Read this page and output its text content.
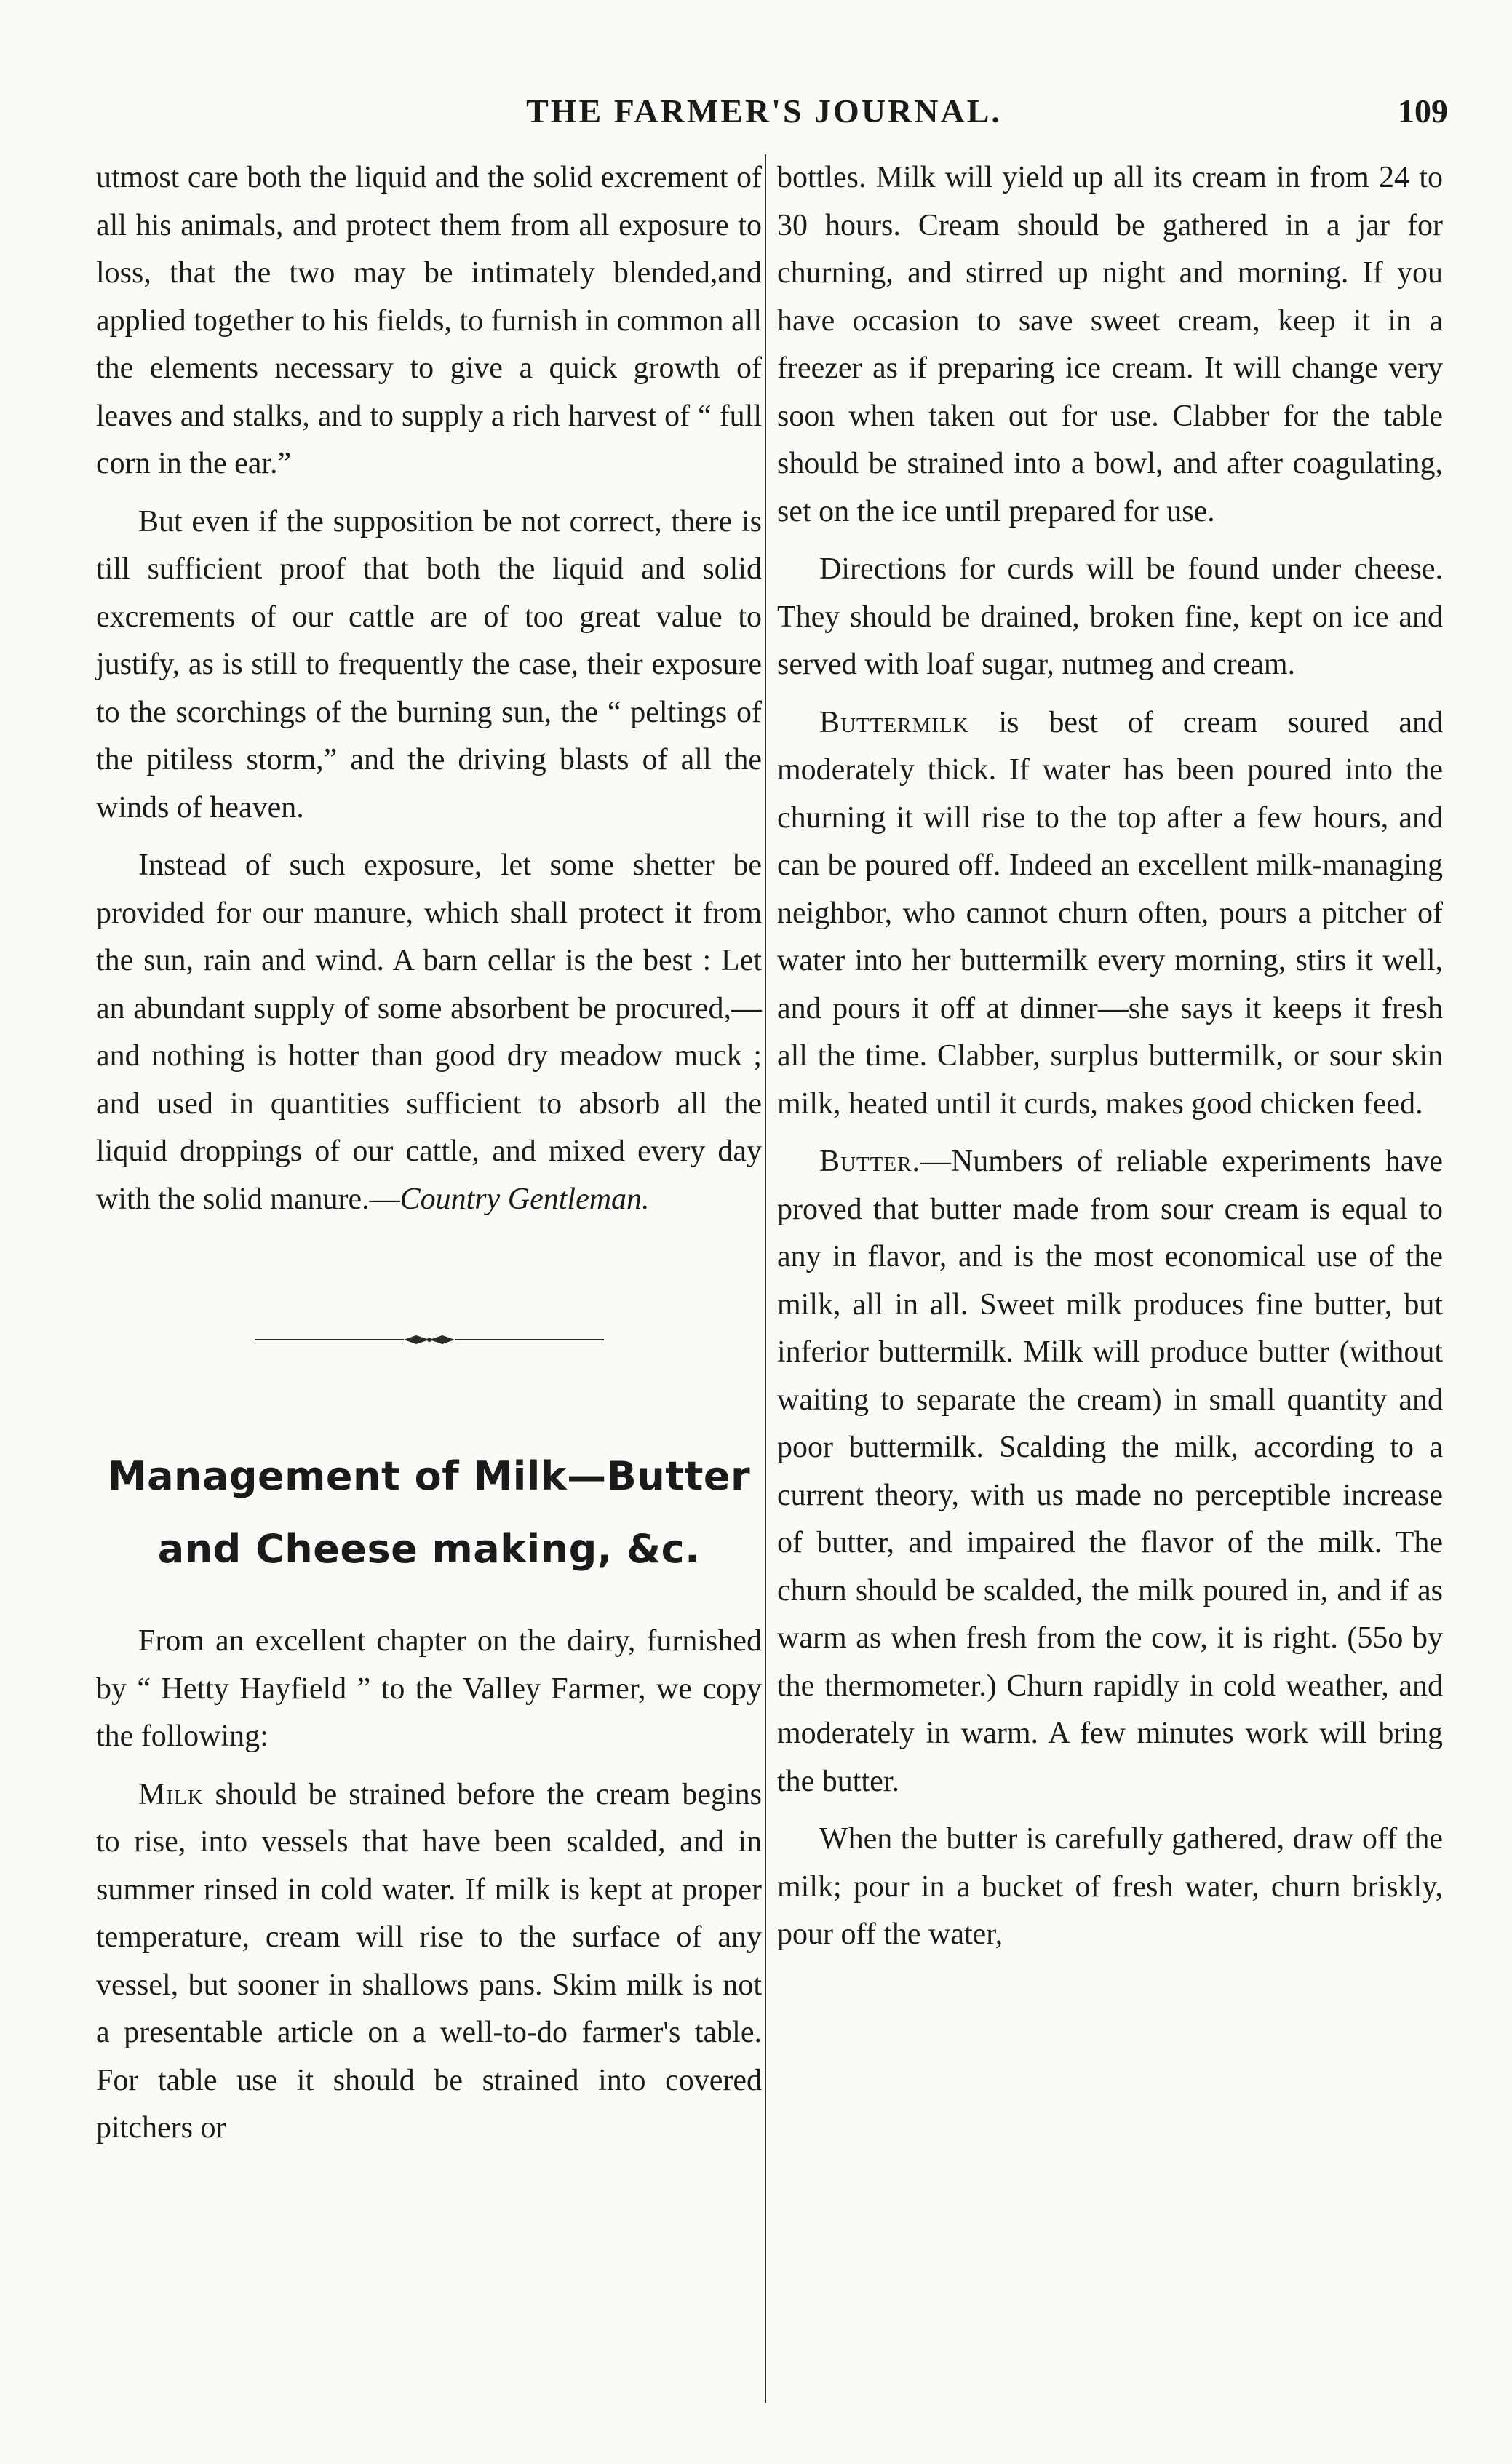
THE FARMER'S JOURNAL.	109

utmost care both the liquid and the solid excrement of all his animals, and protect them from all exposure to loss, that the two may be intimately blended,and applied together to his fields, to furnish in common all the elements necessary to give a quick growth of leaves and stalks, and to supply a rich harvest of “ full corn in the ear.”

But even if the supposition be not correct, there is till sufficient proof that both the liquid and solid excrements of our cattle are of too great value to justify, as is still to frequently the case, their exposure to the scorchings of the burning sun, the “ peltings of the pitiless storm,” and the driving blasts of all the winds of heaven.

Instead of such exposure, let some shetter be provided for our manure, which shall protect it from the sun, rain and wind. A barn cellar is the best : Let an abundant supply of some absorbent be procured,— and nothing is hotter than good dry meadow muck ; and used in quantities sufficient to absorb all the liquid droppings of our cattle, and mixed every day with the solid manure.—Country Gentleman.

Management of Milk—Butter
and Cheese making, &c.

From an excellent chapter on the dairy, furnished by “ Hetty Hayfield ” to the Valley Farmer, we copy the following:

Milk should be strained before the cream begins to rise, into vessels that have been scalded, and in summer rinsed in cold water. If milk is kept at proper temperature, cream will rise to the surface of any vessel, but sooner in shallows pans. Skim milk is not a presentable article on a well-to-do farmer's table. For table use it should be strained into covered pitchers or

bottles. Milk will yield up all its cream in from 24 to 30 hours. Cream should be gathered in a jar for churning, and stirred up night and morning. If you have occasion to save sweet cream, keep it in a freezer as if preparing ice cream. It will change very soon when taken out for use. Clabber for the table should be strained into a bowl, and after coagulating, set on the ice until prepared for use.

Directions for curds will be found under cheese. They should be drained, broken fine, kept on ice and served with loaf sugar, nutmeg and cream.

Buttermilk is best of cream soured and moderately thick. If water has been poured into the churning it will rise to the top after a few hours, and can be poured off. Indeed an excellent milk-managing neighbor, who cannot churn often, pours a pitcher of water into her buttermilk every morning, stirs it well, and pours it off at dinner—she says it keeps it fresh all the time. Clabber, surplus buttermilk, or sour skin milk, heated until it curds, makes good chicken feed.

Butter.—Numbers of reliable experiments have proved that butter made from sour cream is equal to any in flavor, and is the most economical use of the milk, all in all. Sweet milk produces fine butter, but inferior buttermilk. Milk will produce butter (without waiting to separate the cream) in small quantity and poor buttermilk. Scalding the milk, according to a current theory, with us made no perceptible increase of butter, and impaired the flavor of the milk. The churn should be scalded, the milk poured in, and if as warm as when fresh from the cow, it is right. (55o by the thermometer.) Churn rapidly in cold weather, and moderately in warm. A few minutes work will bring the butter.

When the butter is carefully gathered, draw off the milk; pour in a bucket of fresh water, churn briskly, pour off the water,
